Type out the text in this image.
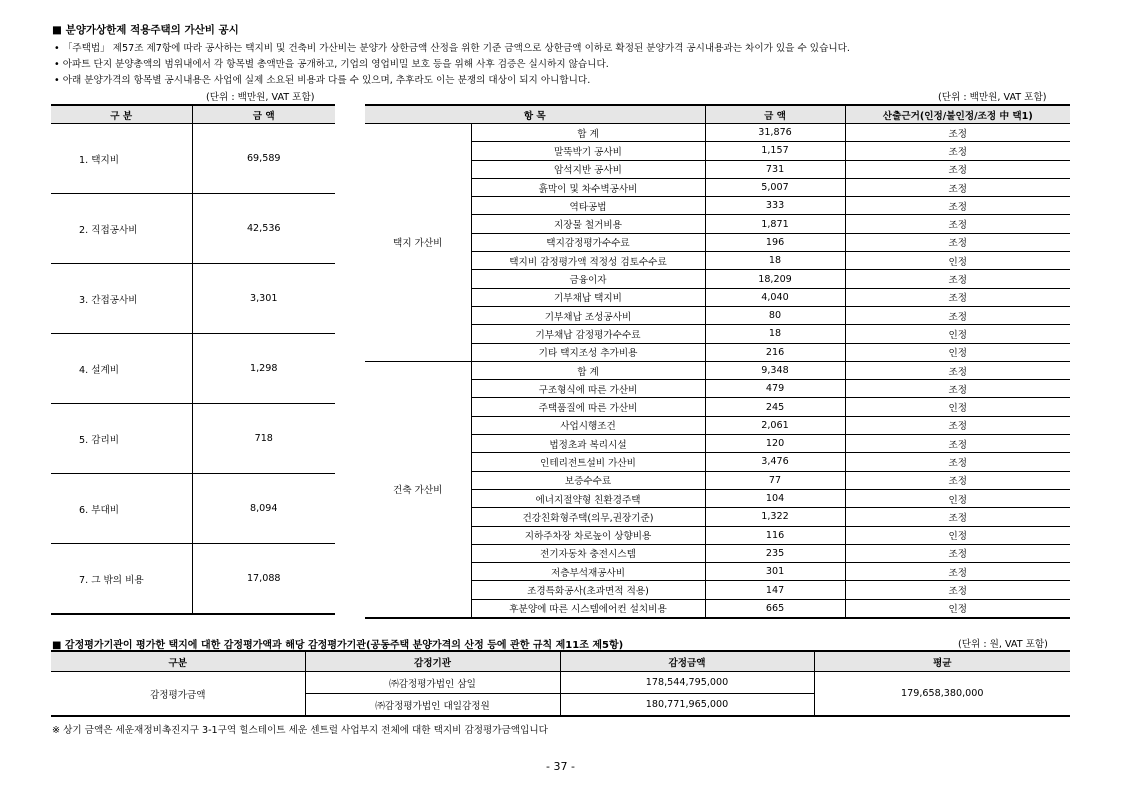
■ 분양가상한제 적용주택의 가산비 공시
• 「주택법」 제57조 제7항에 따라 공사하는 택지비 및 건축비 가산비는 분양가 상한금액 산정을 위한 기준 금액으로 상한금액 이하로 확정된 분양가격 공시내용과는 차이가 있을 수 있습니다.
• 아파트 단지 분양총액의 범위내에서 각 항목별 총액만을 공개하고, 기업의 영업비밀 보호 등을 위해 사후 검증은 실시하지 않습니다.
• 아래 분양가격의 항목별 공시내용은 사업에 실제 소요된 비용과 다를 수 있으며, 추후라도 이는 분쟁의 대상이 되지 아니합니다.
(단위 : 백만원, VAT 포함)	(단위 : 백만원, VAT 포함)
구 분	금 액
1. 택지비	69,589
2. 직접공사비	42,536
3. 간접공사비	3,301
4. 설계비	1,298
5. 감리비	718
6. 부대비	8,094
7. 그 밖의 비용	17,088
항 목		금 액	산출근거(인정/불인정/조정 中 택1)
택지 가산비	합 계	31,876	조정
	말뚝박기 공사비	1,157	조정
	암석지반 공사비	731	조정
	흙막이 및 차수벽공사비	5,007	조정
	역타공법	333	조정
	지장물 철거비용	1,871	조정
	택지감정평가수수료	196	조정
	택지비 감정평가액 적정성 검토수수료	18	인정
	금융이자	18,209	조정
	기부채납 택지비	4,040	조정
	기부채납 조성공사비	80	조정
	기부채납 감정평가수수료	18	인정
	기타 택지조성 추가비용	216	인정
건축 가산비	합 계	9,348	조정
	구조형식에 따른 가산비	479	조정
	주택품질에 따른 가산비	245	인정
	사업시행조건	2,061	조정
	법정초과 복리시설	120	조정
	인테리전트설비 가산비	3,476	조정
	보증수수료	77	조정
	에너지절약형 친환경주택	104	인정
	건강친화형주택(의무,권장기준)	1,322	조정
	지하주차장 차로높이 상향비용	116	인정
	전기자동차 충전시스템	235	조정
	저층부석재공사비	301	조정
	조경특화공사(초과면적 적용)	147	조정
	후분양에 따른 시스템에어컨 설치비용	665	인정
■ 감정평가기관이 평가한 택지에 대한 감정평가액과 해당 감정평가기관(공동주택 분양가격의 산정 등에 관한 규칙 제11조 제5항)	(단위 : 원, VAT 포함)
구분	감정기관	감정금액	평균
감정평가금액	㈜감정평가법인 삼일	178,544,795,000	179,658,380,000
	㈜감정평가법인 대일감정원	180,771,965,000	
※ 상기 금액은 세운재정비촉진지구 3-1구역 힐스테이트 세운 센트럴 사업부지 전체에 대한 택지비 감정평가금액입니다
- 37 -
